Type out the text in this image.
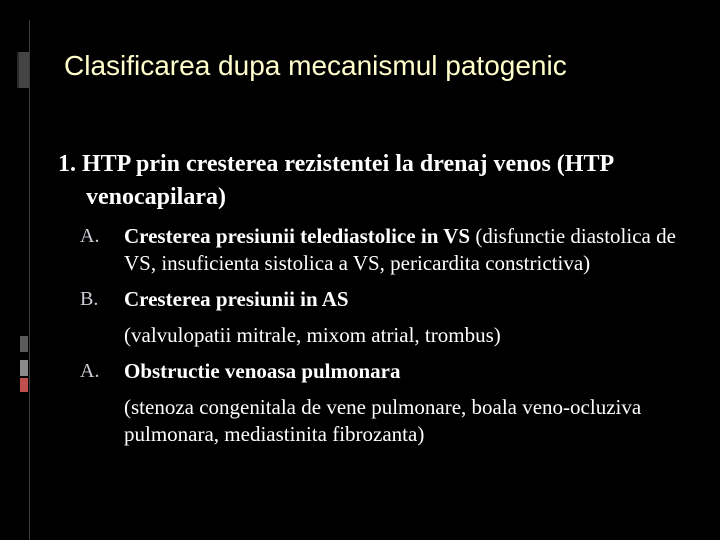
Clasificarea dupa mecanismul patogenic
1. HTP prin cresterea rezistentei la drenaj venos (HTP venocapilara)
A. Cresterea presiunii telediastolice in VS (disfunctie diastolica de VS, insuficienta sistolica a VS, pericardita constrictiva)
B. Cresterea presiunii in AS
(valvulopatii mitrale, mixom atrial, trombus)
A. Obstructie venoasa pulmonara
(stenoza congenitala de vene pulmonare, boala veno-ocluziva pulmonara, mediastinita fibrozanta)
